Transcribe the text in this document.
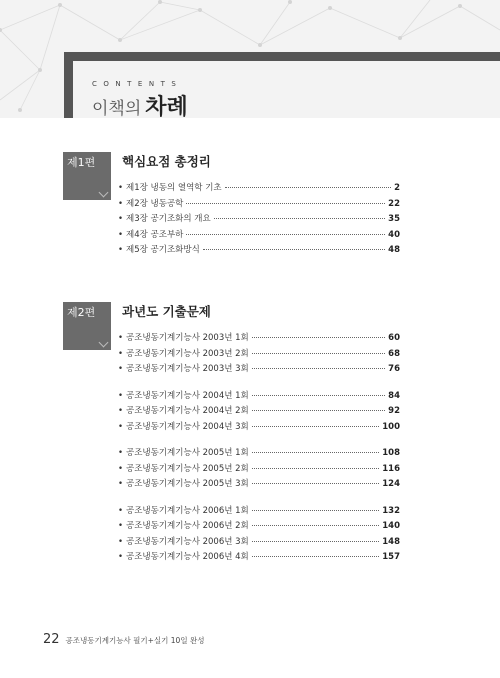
CONTENTS
이책의 차례
제1편 핵심요점 총정리
• 제1장 냉동의 열역학 기초	2
• 제2장 냉동공학	22
• 제3장 공기조화의 개요	35
• 제4장 공조부하	40
• 제5장 공기조화방식	48
제2편 과년도 기출문제
• 공조냉동기계기능사 2003년 1회	60
• 공조냉동기계기능사 2003년 2회	68
• 공조냉동기계기능사 2003년 3회	76
• 공조냉동기계기능사 2004년 1회	84
• 공조냉동기계기능사 2004년 2회	92
• 공조냉동기계기능사 2004년 3회	100
• 공조냉동기계기능사 2005년 1회	108
• 공조냉동기계기능사 2005년 2회	116
• 공조냉동기계기능사 2005년 3회	124
• 공조냉동기계기능사 2006년 1회	132
• 공조냉동기계기능사 2006년 2회	140
• 공조냉동기계기능사 2006년 3회	148
• 공조냉동기계기능사 2006년 4회	157
22 공조냉동기계기능사 필기+실기 10일 완성
